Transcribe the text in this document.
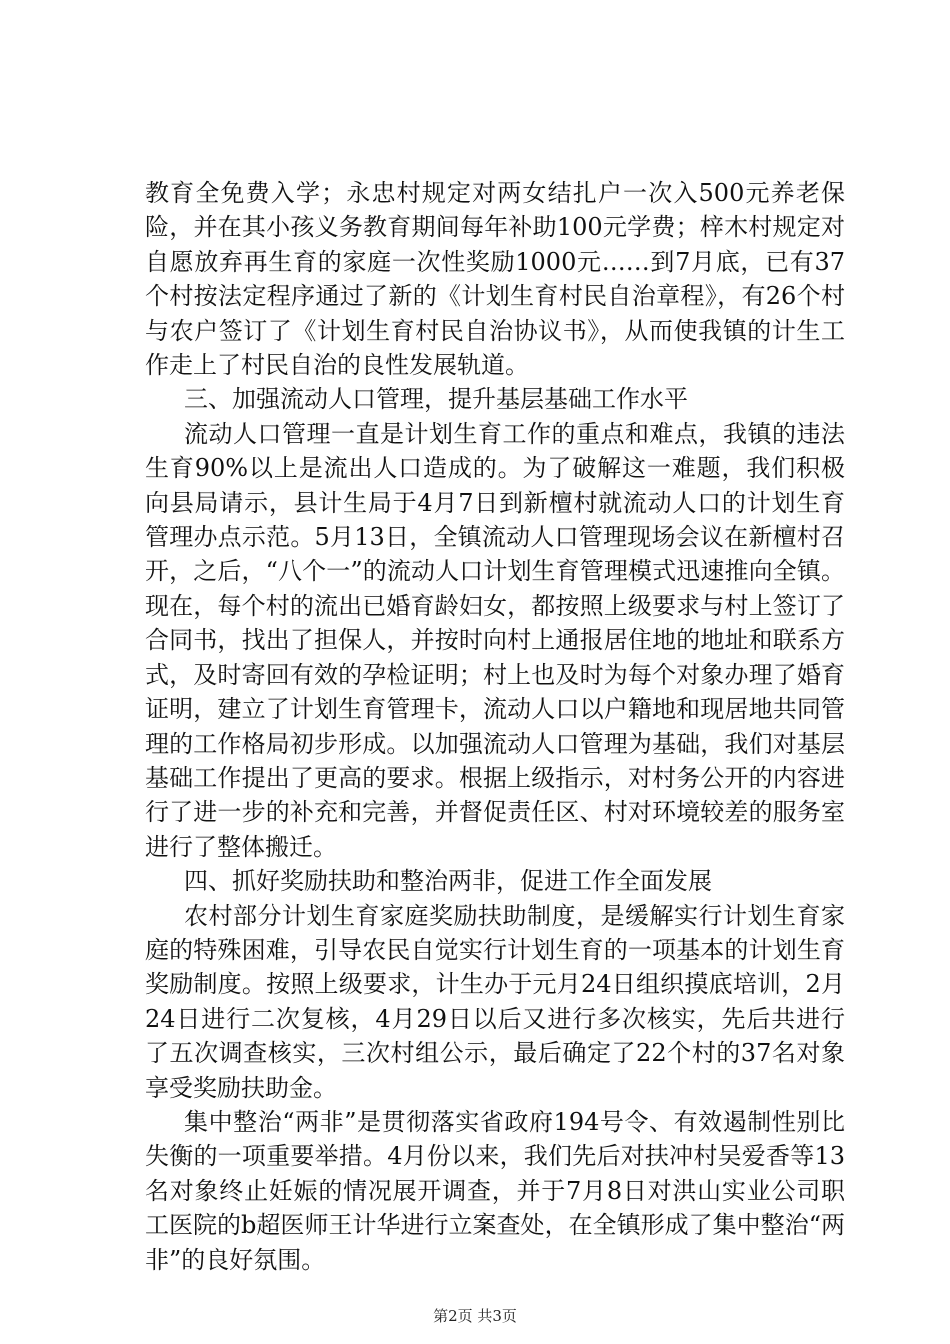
教育全免费入学；永忠村规定对两女结扎户一次入500元养老保险，并在其小孩义务教育期间每年补助100元学费；梓木村规定对自愿放弃再生育的家庭一次性奖励1000元……到7月底，已有37个村按法定程序通过了新的《计划生育村民自治章程》，有26个村与农户签订了《计划生育村民自治协议书》，从而使我镇的计生工作走上了村民自治的良性发展轨道。

三、加强流动人口管理，提升基层基础工作水平

流动人口管理一直是计划生育工作的重点和难点，我镇的违法生育90%以上是流出人口造成的。为了破解这一难题，我们积极向县局请示，县计生局于4月7日到新檀村就流动人口的计划生育管理办点示范。5月13日，全镇流动人口管理现场会议在新檀村召开，之后，“八个一”的流动人口计划生育管理模式迅速推向全镇。现在，每个村的流出已婚育龄妇女，都按照上级要求与村上签订了合同书，找出了担保人，并按时向村上通报居住地的地址和联系方式，及时寄回有效的孕检证明；村上也及时为每个对象办理了婚育证明，建立了计划生育管理卡，流动人口以户籍地和现居地共同管理的工作格局初步形成。以加强流动人口管理为基础，我们对基层基础工作提出了更高的要求。根据上级指示，对村务公开的内容进行了进一步的补充和完善，并督促责任区、村对环境较差的服务室进行了整体搬迁。

四、抓好奖励扶助和整治两非，促进工作全面发展

农村部分计划生育家庭奖励扶助制度，是缓解实行计划生育家庭的特殊困难，引导农民自觉实行计划生育的一项基本的计划生育奖励制度。按照上级要求，计生办于元月24日组织摸底培训，2月24日进行二次复核，4月29日以后又进行多次核实，先后共进行了五次调查核实，三次村组公示，最后确定了22个村的37名对象享受奖励扶助金。

集中整治“两非”是贯彻落实省政府194号令、有效遏制性别比失衡的一项重要举措。4月份以来，我们先后对扶冲村吴爱香等13名对象终止妊娠的情况展开调查，并于7月8日对洪山实业公司职工医院的b超医师王计华进行立案查处，在全镇形成了集中整治“两非”的良好氛围。

第2页 共3页
